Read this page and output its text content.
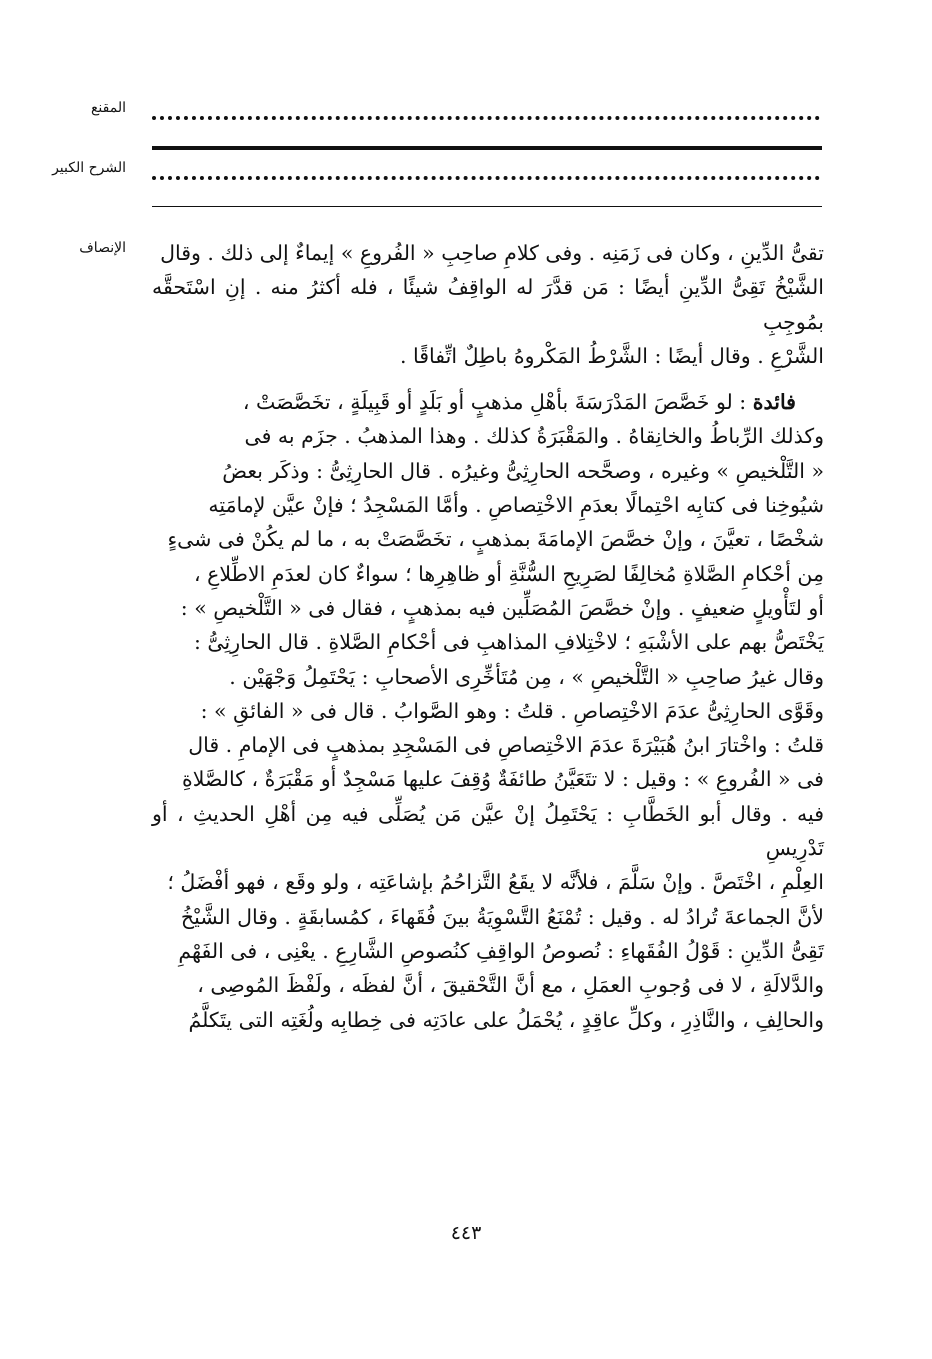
المقنع
الشرح الكبير
الإنصاف	تقىُّ الدِّينِ ، وكان فى زَمَنِه . وفى كلامِ صاحِبِ « الفُروعِ » إيماءٌ إلى ذلك . وقال
الشَّيْخُ تَقِىُّ الدِّينِ أيضًا : مَن قدَّرَ له الواقِفُ شيئًا ، فله أكثرُ منه . إنِ اسْتَحقَّه بمُوجِبِ
الشَّرْعِ . وقال أيضًا : الشَّرْطُ المَكْروهُ باطِلٌ اتِّفاقًا .
فائدة : لو خَصَّصَ المَدْرَسَةَ بأهْلِ مذهبٍ أو بَلَدٍ أو قَبِيلَةٍ ، تخَصَّصَتْ ،
وكذلك الرِّباطُ والخانِقاهُ . والمَقْبَرَةُ كذلك . وهذا المذهبُ . جزَم به فى
« التَّلْخيصِ » وغيره ، وصحَّحه الحارِثِىُّ وغيرُه . قال الحارِثِىُّ : وذكَر بعضُ
شيُوخِنا فى كتابِه احْتِمالًا بعدَمِ الاخْتِصاصِ . وأمَّا المَسْجِدُ ؛ فإنْ عيَّن لإمامَتِه
شخْصًا ، تعيَّنَ ، وإنْ خصَّصَ الإمامَةَ بمذهبٍ ، تخَصَّصَتْ به ، ما لم يكُنْ فى شىءٍ
مِن أحْكامِ الصَّلاةِ مُخالِفًا لصَرِيحِ السُّنَّةِ أو ظاهِرِها ؛ سواءٌ كان لعدَمِ الاطِّلاعِ ،
أو لتَأْويلٍ ضعيفٍ . وإنْ خصَّصَ المُصَلِّين فيه بمذهبٍ ، فقال فى « التَّلْخيصِ » :
يَخْتَصُّ بهم على الأشْبَهِ ؛ لاخْتِلافِ المذاهبِ فى أحْكامِ الصَّلاةِ . قال الحارِثِىُّ :
وقال غيرُ صاحِبِ « التَّلْخيصِ » ، مِن مُتَأخِّرِى الأصحابِ : يَحْتَمِلُ وَجْهَيْن .
وقَوَّى الحارِثِىُّ عدَمَ الاخْتِصاصِ . قلتُ : وهو الصَّوابُ . قال فى « الفائقِ » :
قلتُ : واخْتارَ ابنُ هُبَيْرَةَ عدَمَ الاخْتِصاصِ فى المَسْجِدِ بمذهبٍ فى الإمامِ . قال
فى « الفُروعِ » : وقيل : لا تتَعَيَّنُ طائفَةٌ وُقِفَ عليها مَسْجِدٌ أو مَقْبَرَةٌ ، كالصَّلاةِ
فيه . وقال أبو الخَطَّابِ : يَحْتَمِلُ إنْ عيَّن مَن يُصَلِّى فيه مِن أهْلِ الحديثِ ، أو تَدْرِيسِ
العِلْمِ ، اخْتَصَّ . وإنْ سَلَّمَ ، فلأنَّه لا يقَعُ التَّزاحُمُ بإشاعَتِه ، ولو وقَع ، فهو أفْضَلُ ؛
لأنَّ الجماعةَ تُرادُ له . وقيل : تُمْنَعُ التَّسْوِيَةُ بينَ فُقَهاءَ ، كمُسابقَةٍ . وقال الشَّيْخُ
تَقِىُّ الدِّينِ : قَوْلُ الفُقَهاءِ : نُصوصُ الواقِفِ كنُصوصِ الشَّارِعِ . يعْنِى ، فى الفَهْمِ
والدَّلالَةِ ، لا فى وُجوبِ العمَلِ ، مع أنَّ التَّحْقيقَ ، أنَّ لفظَه ، ولَفْظَ المُوصِى ،
والحالِفِ ، والنَّاذِرِ ، وكلِّ عاقِدٍ ، يُحْمَلُ على عادَتِه فى خِطابِه ولُغَتِه التى يتَكلَّمُ
٤٤٣
